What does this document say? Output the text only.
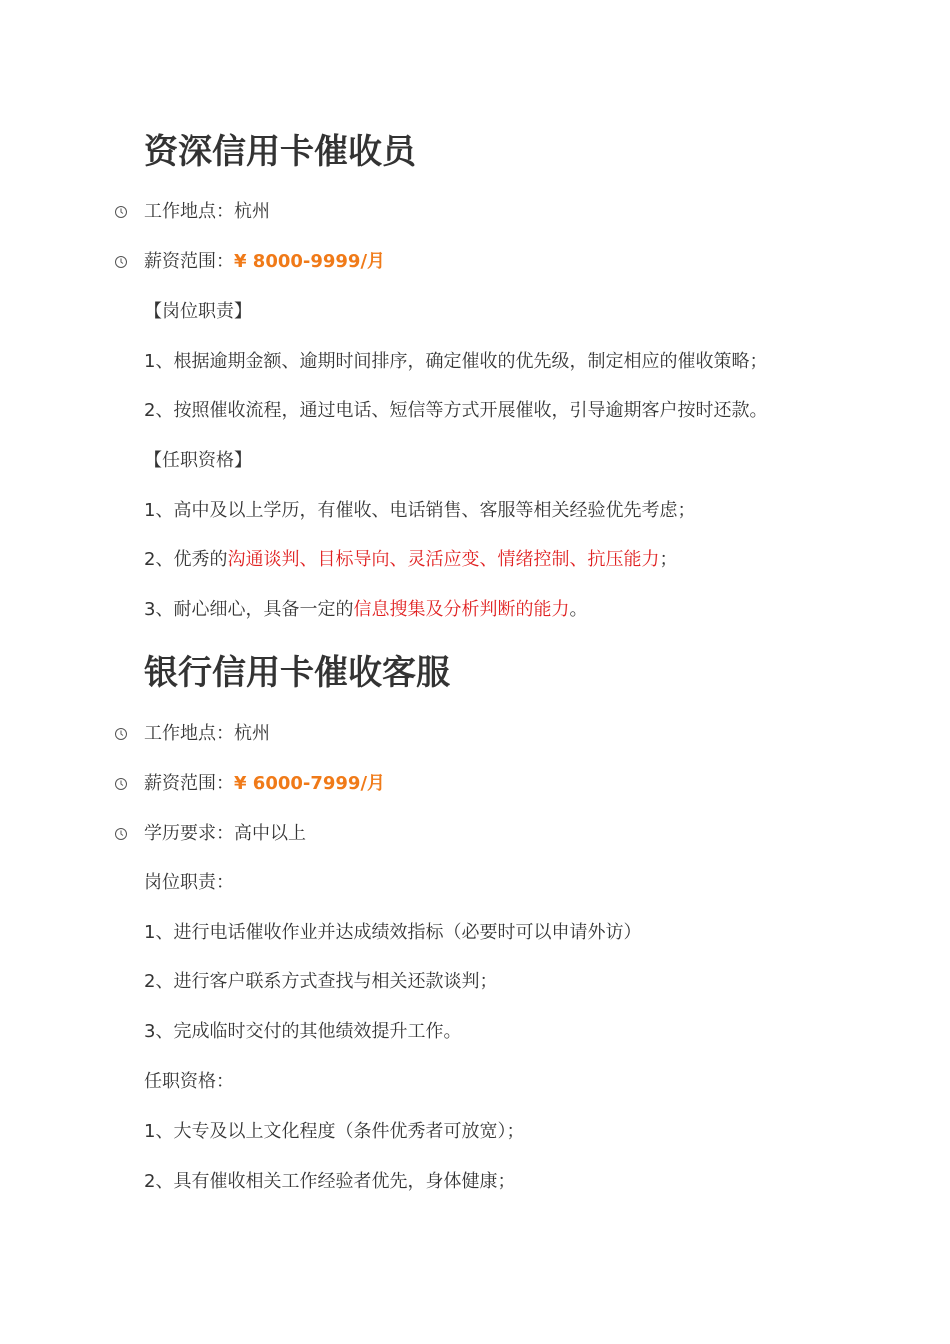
资深信用卡催收员
工作地点：杭州
薪资范围：¥ 8000-9999/月
【岗位职责】
1、根据逾期金额、逾期时间排序，确定催收的优先级，制定相应的催收策略；
2、按照催收流程，通过电话、短信等方式开展催收，引导逾期客户按时还款。
【任职资格】
1、高中及以上学历，有催收、电话销售、客服等相关经验优先考虑；
2、优秀的沟通谈判、目标导向、灵活应变、情绪控制、抗压能力；
3、耐心细心，具备一定的信息搜集及分析判断的能力。
银行信用卡催收客服
工作地点：杭州
薪资范围：¥ 6000-7999/月
学历要求：高中以上
岗位职责：
1、进行电话催收作业并达成绩效指标（必要时可以申请外访）
2、进行客户联系方式查找与相关还款谈判；
3、完成临时交付的其他绩效提升工作。
任职资格：
1、大专及以上文化程度（条件优秀者可放宽）；
2、具有催收相关工作经验者优先，身体健康；
